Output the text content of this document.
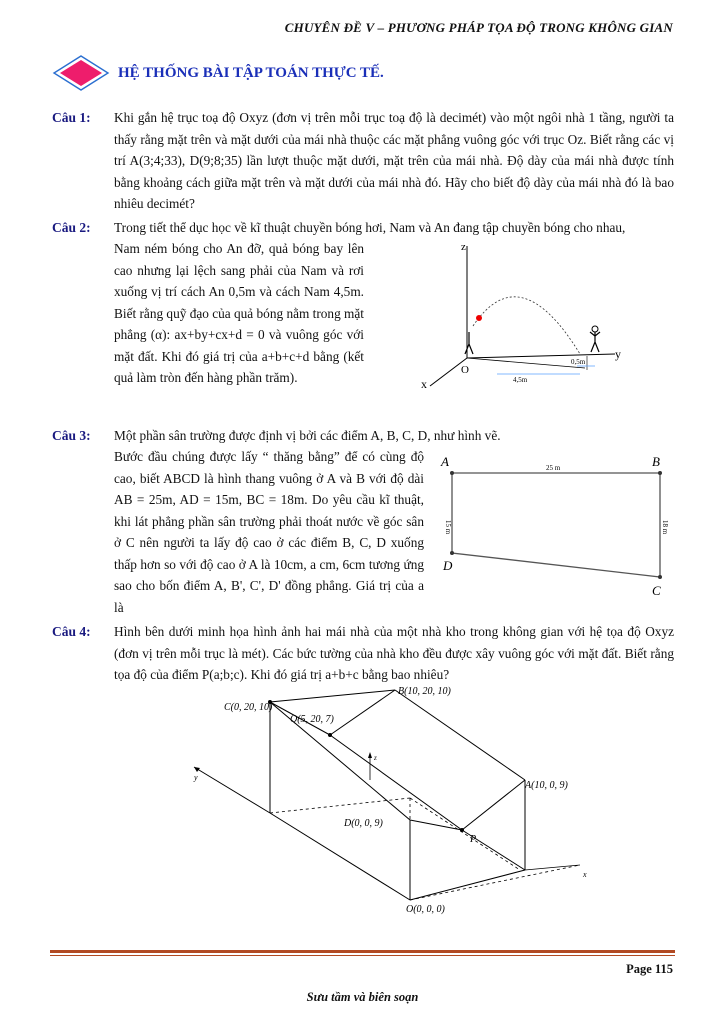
CHUYÊN ĐỀ V – PHƯƠNG PHÁP TỌA ĐỘ TRONG KHÔNG GIAN
HỆ THỐNG BÀI TẬP TOÁN THỰC TẾ.
Câu 1: Khi gắn hệ trục toạ độ Oxyz (đơn vị trên mỗi trục toạ độ là decimét) vào một ngôi nhà 1 tầng, người ta thấy rằng mặt trên và mặt dưới của mái nhà thuộc các mặt phẳng vuông góc với trục Oz. Biết rằng các vị trí A(3;4;33), D(9;8;35) lần lượt thuộc mặt dưới, mặt trên của mái nhà. Độ dày của mái nhà được tính bằng khoảng cách giữa mặt trên và mặt dưới của mái nhà đó. Hãy cho biết độ dày của mái nhà đó là bao nhiêu decimét?

Câu 2: Trong tiết thể dục học về kĩ thuật chuyền bóng hơi, Nam và An đang tập chuyền bóng cho nhau,

Nam ném bóng cho An đỡ, quả bóng bay lên cao nhưng lại lệch sang phải của Nam và rơi xuống vị trí cách An 0,5m và cách Nam 4,5m. Biết rằng quỹ đạo của quả bóng nằm trong mặt phẳng (α): ax+by+cx+d = 0 và vuông góc với mặt đất. Khi đó giá trị của a+b+c+d bằng (kết quả làm tròn đến hàng phần trăm).

z
y
x
O
4,5m
0,5m
Câu 3: Một phần sân trường được định vị bởi các điểm A, B, C, D, như hình vẽ.

Bước đầu chúng được lấy “ thăng bằng” để có cùng độ cao, biết ABCD là hình thang vuông ở A và B với độ dài AB = 25m, AD = 15m, BC = 18m. Do yêu cầu kĩ thuật, khi lát phẳng phần sân trường phải thoát nước về góc sân ở C nên người ta lấy độ cao ở các điểm B, C, D xuống thấp hơn so với độ cao ở A là 10cm, a cm, 6cm tương ứng sao cho bốn điểm A, B', C', D' đồng phẳng. Giá trị của a là

A	B
C
D
25 m
15 m	18 m
Câu 4: Hình bên dưới minh họa hình ảnh hai mái nhà của một nhà kho trong không gian với hệ tọa độ Oxyz (đơn vị trên mỗi trục là mét). Các bức tường của nhà kho đều được xây vuông góc với mặt đất. Biết rằng tọa độ của điểm P(a;b;c). Khi đó giá trị a+b+c bằng bao nhiêu?

C(0, 20, 10)
Q(5, 20, 7)
B(10, 20, 10)
A(10, 0, 9)
D(0, 0, 9)
P
O(0, 0, 0)
x
y
z
Page 115
Sưu tầm và biên soạn
